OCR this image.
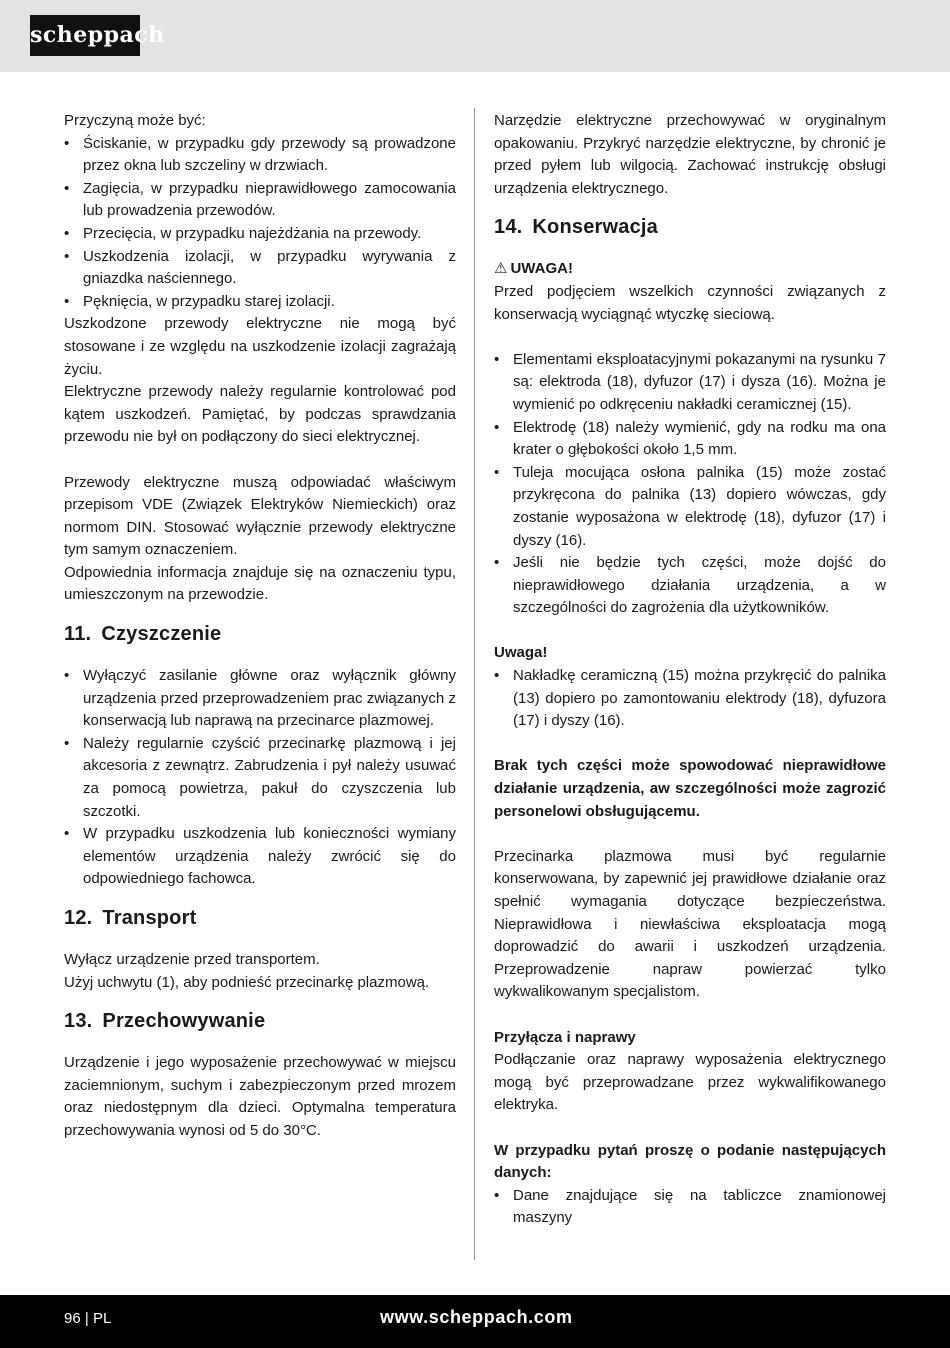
scheppach

Przyczyną może być:

• Ściskanie, w przypadku gdy przewody są prowadzone przez okna lub szczeliny w drzwiach.
• Zagięcia, w przypadku nieprawidłowego zamocowania lub prowadzenia przewodów.
• Przecięcia, w przypadku najeżdżania na przewody.
• Uszkodzenia izolacji, w przypadku wyrywania z gniazdka naściennego.
• Pęknięcia, w przypadku starej izolacji.

Uszkodzone przewody elektryczne nie mogą być stosowane i ze względu na uszkodzenie izolacji zagrażają życiu.

Elektryczne przewody należy regularnie kontrolować pod kątem uszkodzeń. Pamiętać, by podczas sprawdzania przewodu nie był on podłączony do sieci elektrycznej.

Przewody elektryczne muszą odpowiadać właściwym przepisom VDE (Związek Elektryków Niemieckich) oraz normom DIN. Stosować wyłącznie przewody elektryczne tym samym oznaczeniem.

Odpowiednia informacja znajduje się na oznaczeniu typu, umieszczonym na przewodzie.

11. Czyszczenie
• Wyłączyć zasilanie główne oraz wyłącznik główny urządzenia przed przeprowadzeniem prac związanych z konserwacją lub naprawą na przecinarce plazmowej.
• Należy regularnie czyścić przecinarkę plazmową i jej akcesoria z zewnątrz. Zabrudzenia i pył należy usuwać za pomocą powietrza, pakuł do czyszczenia lub szczotki.
• W przypadku uszkodzenia lub konieczności wymiany elementów urządzenia należy zwrócić się do odpowiedniego fachowca.
12. Transport

Wyłącz urządzenie przed transportem.

Użyj uchwytu (1), aby podnieść przecinarkę plazmową.

13. Przechowywanie

Urządzenie i jego wyposażenie przechowywać w miejscu zaciemnionym, suchym i zabezpieczonym przed mrozem oraz niedostępnym dla dzieci. Optymalna temperatura przechowywania wynosi od 5 do 30°C.

Narzędzie elektryczne przechowywać w oryginalnym opakowaniu. Przykryć narzędzie elektryczne, by chronić je przed pyłem lub wilgocią. Zachować instrukcję obsługi urządzenia elektrycznego.

14. Konserwacja

⚠ UWAGA!

Przed podjęciem wszelkich czynności związanych z konserwacją wyciągnąć wtyczkę sieciową.

• Elementami eksploatacyjnymi pokazanymi na rysunku 7 są: elektroda (18), dyfuzor (17) i dysza (16). Można je wymienić po odkręceniu nakładki ceramicznej (15).
• Elektrodę (18) należy wymienić, gdy na rodku ma ona krater o głębokości około 1,5 mm.
• Tuleja mocująca osłona palnika (15) może zostać przykręcona do palnika (13) dopiero wówczas, gdy zostanie wyposażona w elektrodę (18), dyfuzor (17) i dyszy (16).
• Jeśli nie będzie tych części, może dojść do nieprawidłowego działania urządzenia, a w szczególności do zagrożenia dla użytkowników.

Uwaga!

• Nakładkę ceramiczną (15) można przykręcić do palnika (13) dopiero po zamontowaniu elektrody (18), dyfuzora (17) i dyszy (16).

Brak tych części może spowodować nieprawidłowe działanie urządzenia, aw szczególności może zagrozić personelowi obsługującemu.

Przecinarka plazmowa musi być regularnie konserwowana, by zapewnić jej prawidłowe działanie oraz spełnić wymagania dotyczące bezpieczeństwa. Nieprawidłowa i niewłaściwa eksploatacja mogą doprowadzić do awarii i uszkodzeń urządzenia. Przeprowadzenie napraw powierzać tylko wykwalikowanym specjalistom.

Przyłącza i naprawy

Podłączanie oraz naprawy wyposażenia elektrycznego mogą być przeprowadzane przez wykwalifikowanego elektryka.

W przypadku pytań proszę o podanie następujących danych:

• Dane znajdujące się na tabliczce znamionowej maszyny
96 | PL	www.scheppach.com
